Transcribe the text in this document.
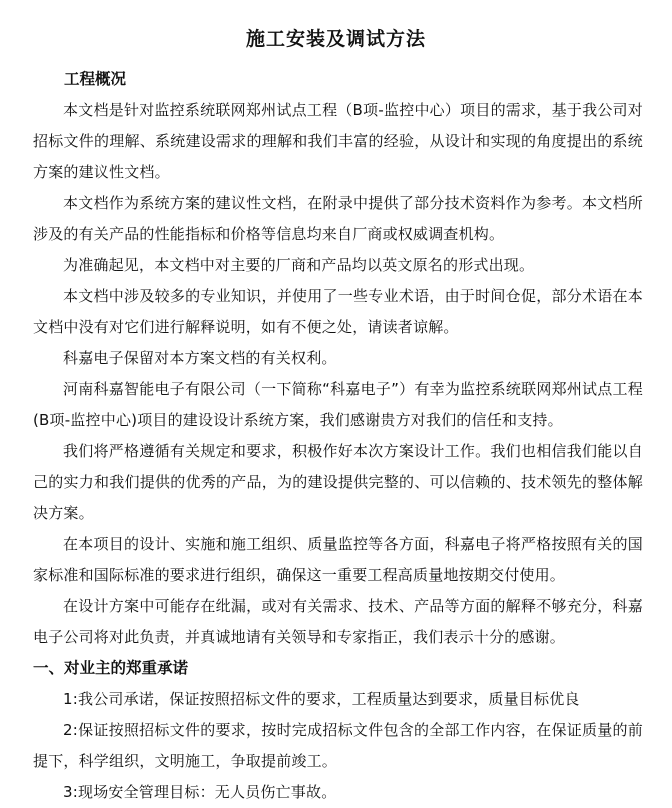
施工安装及调试方法

工程概况

本文档是针对监控系统联网郑州试点工程（B项-监控中心）项目的需求，基于我公司对招标文件的理解、系统建设需求的理解和我们丰富的经验，从设计和实现的角度提出的系统方案的建议性文档。

本文档作为系统方案的建议性文档，在附录中提供了部分技术资料作为参考。本文档所涉及的有关产品的性能指标和价格等信息均来自厂商或权威调查机构。

为准确起见，本文档中对主要的厂商和产品均以英文原名的形式出现。

本文档中涉及较多的专业知识，并使用了一些专业术语，由于时间仓促，部分术语在本文档中没有对它们进行解释说明，如有不便之处，请读者谅解。

科嘉电子保留对本方案文档的有关权利。

河南科嘉智能电子有限公司（一下简称“科嘉电子”）有幸为监控系统联网郑州试点工程(B项-监控中心)项目的建设设计系统方案，我们感谢贵方对我们的信任和支持。

我们将严格遵循有关规定和要求，积极作好本次方案设计工作。我们也相信我们能以自己的实力和我们提供的优秀的产品，为的建设提供完整的、可以信赖的、技术领先的整体解决方案。

在本项目的设计、实施和施工组织、质量监控等各方面，科嘉电子将严格按照有关的国家标准和国际标准的要求进行组织，确保这一重要工程高质量地按期交付使用。

在设计方案中可能存在纰漏，或对有关需求、技术、产品等方面的解释不够充分，科嘉电子公司将对此负责，并真诚地请有关领导和专家指正，我们表示十分的感谢。

一、对业主的郑重承诺

1:我公司承诺，保证按照招标文件的要求，工程质量达到要求，质量目标优良

2:保证按照招标文件的要求，按时完成招标文件包含的全部工作内容，在保证质量的前提下，科学组织，文明施工，争取提前竣工。

3:现场安全管理目标：无人员伤亡事故。
